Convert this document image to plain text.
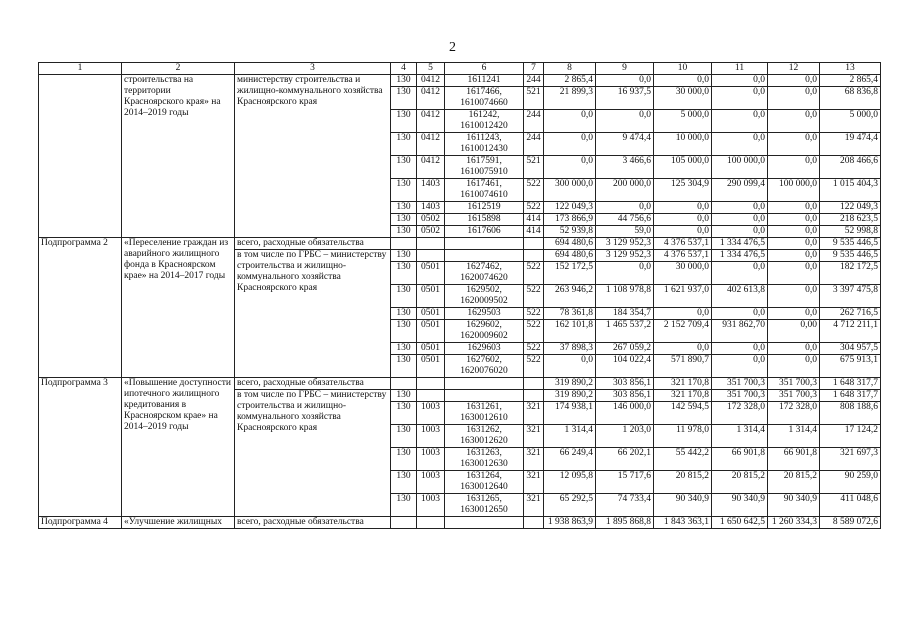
2
1	2	3	4	5	6	7	8	9	10	11	12	13
	строительства на территории Красноярского края» на 2014–2019 годы	министерству строительства и жилищно-коммунального хозяйства Красноярского края	130	0412	1611241	244	2 865,4	0,0	0,0	0,0	0,0	2 865,4
			130	0412	1617466, 1610074660	521	21 899,3	16 937,5	30 000,0	0,0	0,0	68 836,8
			130	0412	161242, 1610012420	244	0,0	0,0	5 000,0	0,0	0,0	5 000,0
			130	0412	1611243, 1610012430	244	0,0	9 474,4	10 000,0	0,0	0,0	19 474,4
			130	0412	1617591, 1610075910	521	0,0	3 466,6	105 000,0	100 000,0	0,0	208 466,6
			130	1403	1617461, 1610074610	522	300 000,0	200 000,0	125 304,9	290 099,4	100 000,0	1 015 404,3
			130	1403	1612519	522	122 049,3	0,0	0,0	0,0	0,0	122 049,3
			130	0502	1615898	414	173 866,9	44 756,6	0,0	0,0	0,0	218 623,5
			130	0502	1617606	414	52 939,8	59,0	0,0	0,0	0,0	52 998,8
Подпрограмма 2	«Переселение граждан из аварийного жилищного фонда в Красноярском крае» на 2014–2017 годы	всего, расходные обязательства					694 480,6	3 129 952,3	4 376 537,1	1 334 476,5	0,0	9 535 446,5
		в том числе по ГРБС – министерству строительства и жилищно-коммунального хозяйства Красноярского края	130				694 480,6	3 129 952,3	4 376 537,1	1 334 476,5	0,0	9 535 446,5
			130	0501	1627462, 1620074620	522	152 172,5	0,0	30 000,0	0,0	0,0	182 172,5
			130	0501	1629502, 1620009502	522	263 946,2	1 108 978,8	1 621 937,0	402 613,8	0,0	3 397 475,8
			130	0501	1629503	522	78 361,8	184 354,7	0,0	0,0	0,0	262 716,5
			130	0501	1629602, 1620009602	522	162 101,8	1 465 537,2	2 152 709,4	931 862,70	0,00	4 712 211,1
			130	0501	1629603	522	37 898,3	267 059,2	0,0	0,0	0,0	304 957,5
			130	0501	1627602, 1620076020	522	0,0	104 022,4	571 890,7	0,0	0,0	675 913,1
Подпрограмма 3	«Повышение доступности ипотечного жилищного кредитования в Красноярском крае» на 2014–2019 годы	всего, расходные обязательства					319 890,2	303 856,1	321 170,8	351 700,3	351 700,3	1 648 317,7
		в том числе по ГРБС – министерству строительства и жилищно-коммунального хозяйства Красноярского края	130				319 890,2	303 856,1	321 170,8	351 700,3	351 700,3	1 648 317,7
			130	1003	1631261, 1630012610	321	174 938,1	146 000,0	142 594,5	172 328,0	172 328,0	808 188,6
			130	1003	1631262, 1630012620	321	1 314,4	1 203,0	11 978,0	1 314,4	1 314,4	17 124,2
			130	1003	1631263, 1630012630	321	66 249,4	66 202,1	55 442,2	66 901,8	66 901,8	321 697,3
			130	1003	1631264, 1630012640	321	12 095,8	15 717,6	20 815,2	20 815,2	20 815,2	90 259,0
			130	1003	1631265, 1630012650	321	65 292,5	74 733,4	90 340,9	90 340,9	90 340,9	411 048,6
Подпрограмма 4	«Улучшение жилищных	всего, расходные обязательства					1 938 863,9	1 895 868,8	1 843 363,1	1 650 642,5	1 260 334,3	8 589 072,6
